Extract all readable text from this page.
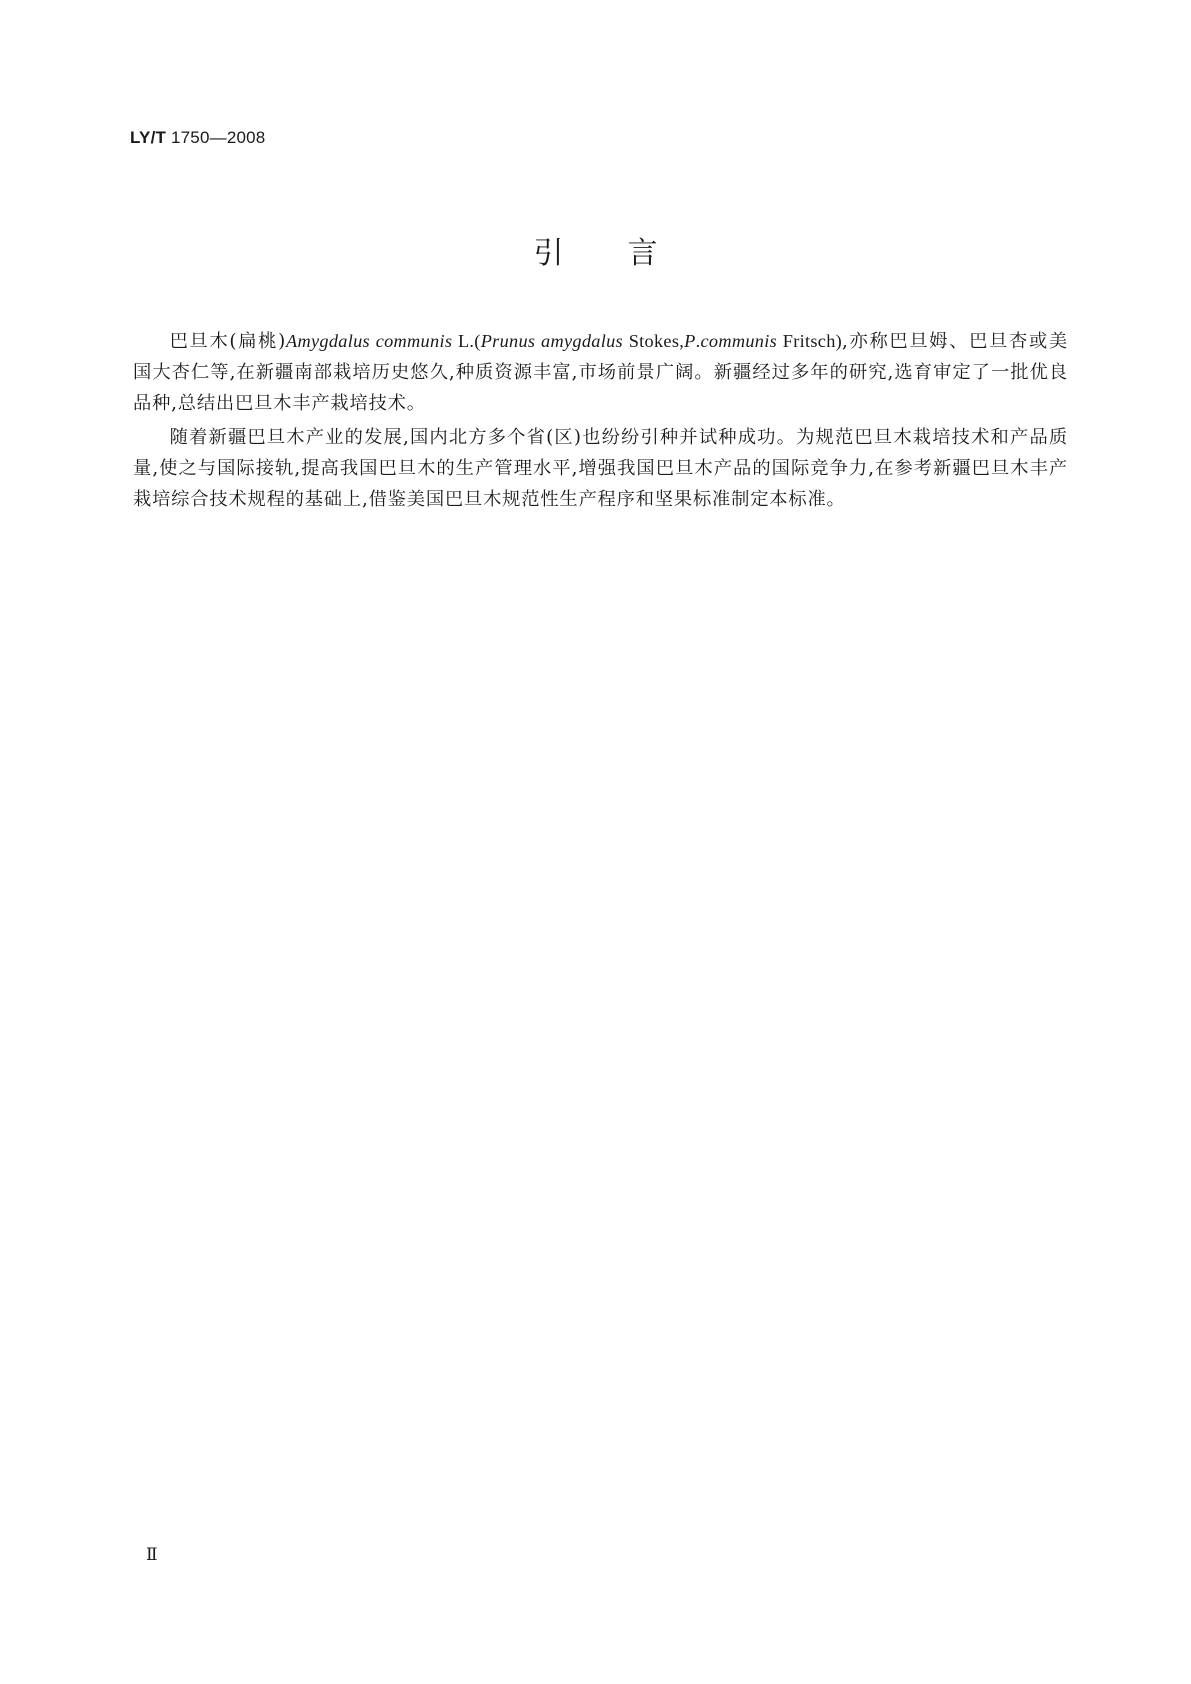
LY/T 1750—2008
引言

巴旦木(扁桃)Amygdalus communis L.(Prunus amygdalus Stokes,P.communis Fritsch),亦称巴旦姆、巴旦杏或美国大杏仁等,在新疆南部栽培历史悠久,种质资源丰富,市场前景广阔。新疆经过多年的研究,选育审定了一批优良品种,总结出巴旦木丰产栽培技术。

随着新疆巴旦木产业的发展,国内北方多个省(区)也纷纷引种并试种成功。为规范巴旦木栽培技术和产品质量,使之与国际接轨,提高我国巴旦木的生产管理水平,增强我国巴旦木产品的国际竞争力,在参考新疆巴旦木丰产栽培综合技术规程的基础上,借鉴美国巴旦木规范性生产程序和坚果标准制定本标准。

Ⅱ
